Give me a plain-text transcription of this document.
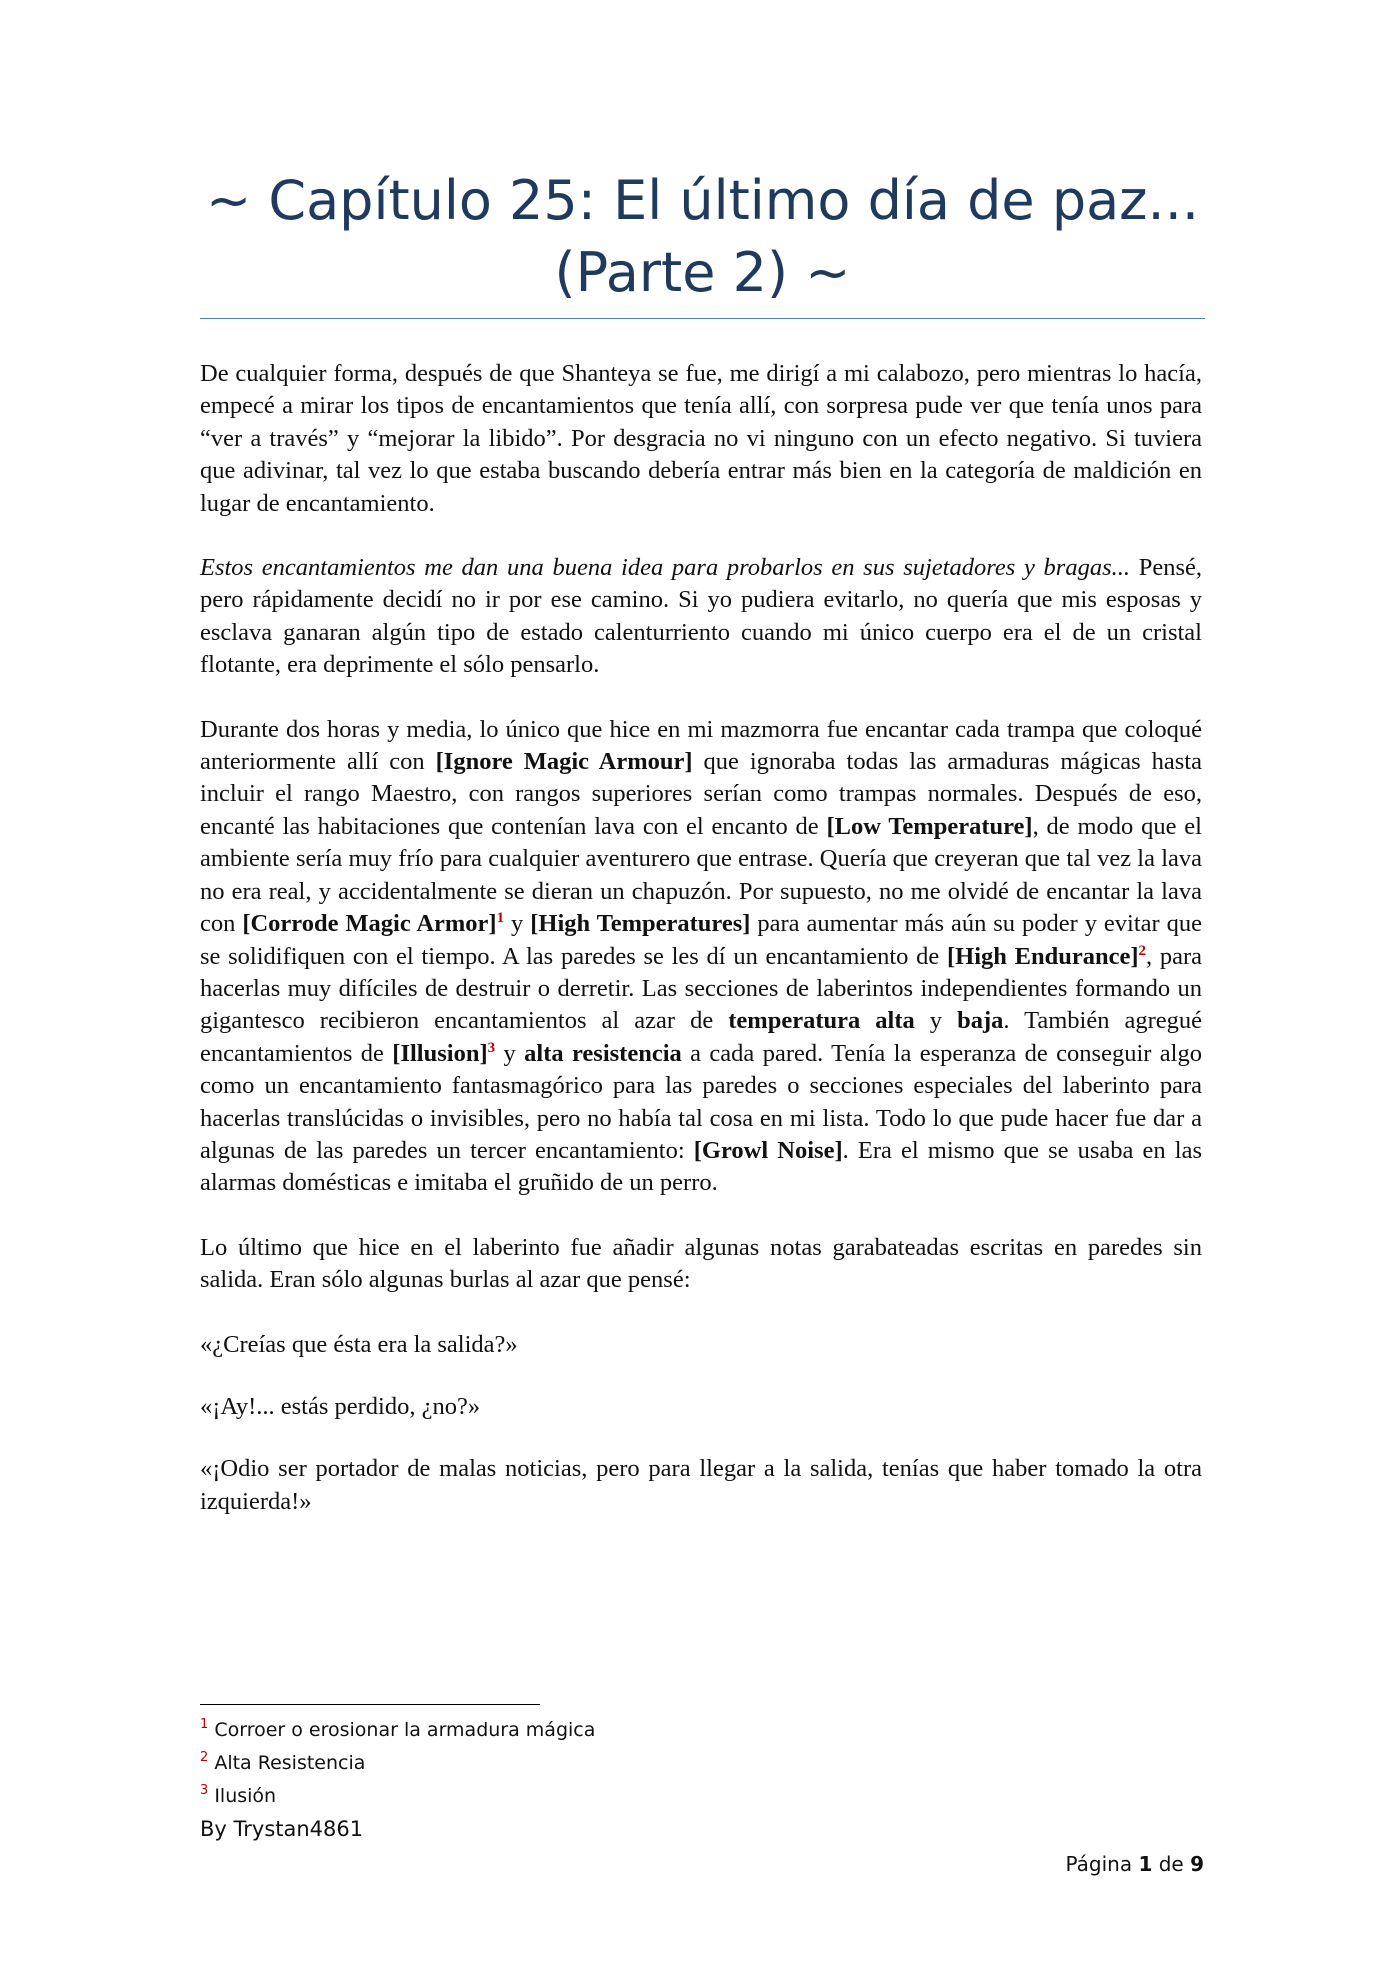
~ Capítulo 25: El último día de paz...
(Parte 2) ~

De cualquier forma, después de que Shanteya se fue, me dirigí a mi calabozo, pero mientras lo hacía, empecé a mirar los tipos de encantamientos que tenía allí, con sorpresa pude ver que tenía unos para “ver a través” y “mejorar la libido”. Por desgracia no vi ninguno con un efecto negativo. Si tuviera que adivinar, tal vez lo que estaba buscando debería entrar más bien en la categoría de maldición en lugar de encantamiento.

Estos encantamientos me dan una buena idea para probarlos en sus sujetadores y bragas... Pensé, pero rápidamente decidí no ir por ese camino. Si yo pudiera evitarlo, no quería que mis esposas y esclava ganaran algún tipo de estado calenturriento cuando mi único cuerpo era el de un cristal flotante, era deprimente el sólo pensarlo.

Durante dos horas y media, lo único que hice en mi mazmorra fue encantar cada trampa que coloqué anteriormente allí con [Ignore Magic Armour] que ignoraba todas las armaduras mágicas hasta incluir el rango Maestro, con rangos superiores serían como trampas normales. Después de eso, encanté las habitaciones que contenían lava con el encanto de [Low Temperature], de modo que el ambiente sería muy frío para cualquier aventurero que entrase. Quería que creyeran que tal vez la lava no era real, y accidentalmente se dieran un chapuzón. Por supuesto, no me olvidé de encantar la lava con [Corrode Magic Armor]$^1$ y [High Temperatures] para aumentar más aún su poder y evitar que se solidifiquen con el tiempo. A las paredes se les dí un encantamiento de [High Endurance]$^2$, para hacerlas muy difíciles de destruir o derretir. Las secciones de laberintos independientes formando un gigantesco recibieron encantamientos al azar de temperatura alta y baja. También agregué encantamientos de [Illusion]$^3$ y alta resistencia a cada pared. Tenía la esperanza de conseguir algo como un encantamiento fantasmagórico para las paredes o secciones especiales del laberinto para hacerlas translúcidas o invisibles, pero no había tal cosa en mi lista. Todo lo que pude hacer fue dar a algunas de las paredes un tercer encantamiento: [Growl Noise]. Era el mismo que se usaba en las alarmas domésticas e imitaba el gruñido de un perro.

Lo último que hice en el laberinto fue añadir algunas notas garabateadas escritas en paredes sin salida. Eran sólo algunas burlas al azar que pensé:

«¿Creías que ésta era la salida?»

«¡Ay!... estás perdido, ¿no?»

«¡Odio ser portador de malas noticias, pero para llegar a la salida, tenías que haber tomado la otra izquierda!»

$^1$ Corroer o erosionar la armadura mágica
$^2$ Alta Resistencia
$^3$ Ilusión
By Trystan4861
Página 1 de 9
